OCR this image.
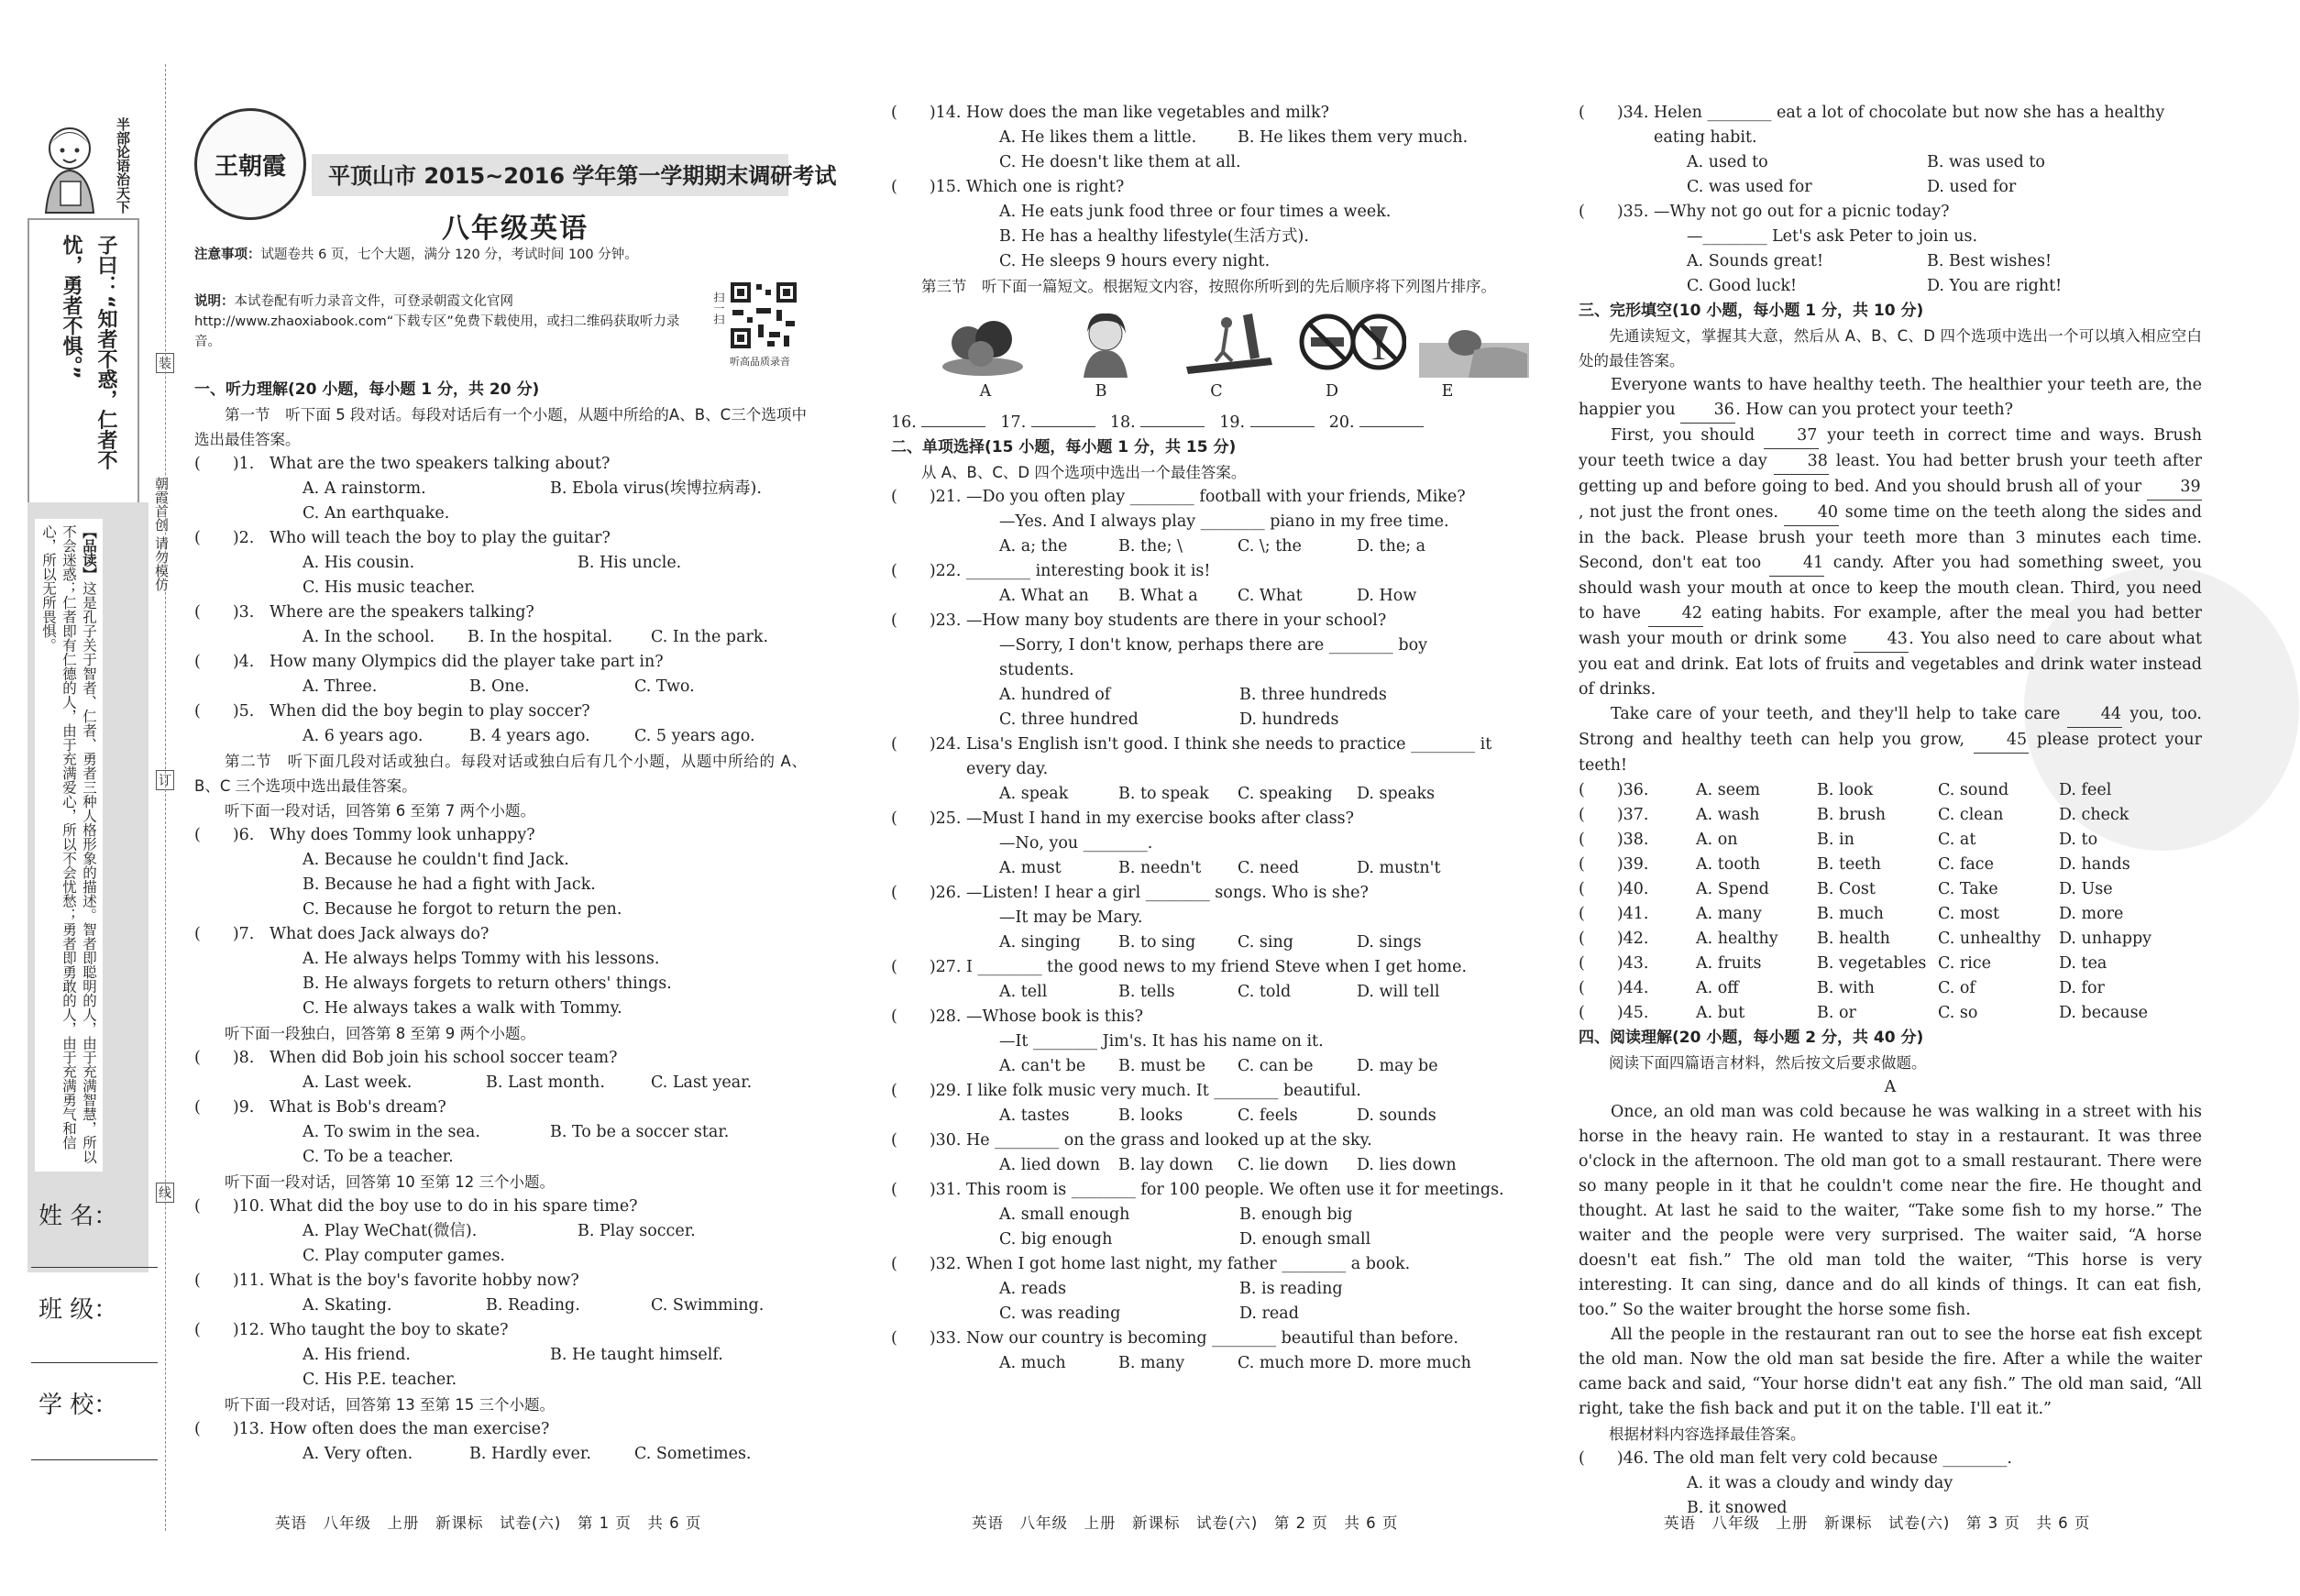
半部论语治天下
子曰：“知者不惑，仁者不忧，勇者不惧。”
【品读】这是孔子关于智者、仁者、勇者三种人格形象的描述。智者即聪明的人，由于充满智慧，所以不会迷惑；仁者即有仁德的人，由于充满爱心，所以不会忧愁；勇者即勇敢的人，由于充满勇气和信心，所以无所畏惧。	朝霞首创 请勿模仿
装
订
线
姓 名：
班 级：
学 校：
王朝霞 平顶山市 2015~2016 学年第一学期期末调研考试
八年级英语
注意事项：试题卷共 6 页，七个大题，满分 120 分，考试时间 100 分钟。
说明：本试卷配有听力录音文件，可登录朝霞文化官网 http://www.zhaoxiabook.com“下载专区”免费下载使用，或扫二维码获取听力录音。
扫一扫
听高品质录音
一、听力理解(20 小题，每小题 1 分，共 20 分)
第一节　听下面 5 段对话。每段对话后有一个小题，从题中所给的A、B、C三个选项中选出最佳答案。
(　　)1. What are the two speakers talking about?
A. A rainstorm.	B. Ebola virus(埃博拉病毒).
C. An earthquake.
(　　)2. Who will teach the boy to play the guitar?
A. His cousin.	B. His uncle.
C. His music teacher.
(　　)3. Where are the speakers talking?
A. In the school.	B. In the hospital.	C. In the park.
(　　)4. How many Olympics did the player take part in?
A. Three.	B. One.	C. Two.
(　　)5. When did the boy begin to play soccer?
A. 6 years ago.	B. 4 years ago.	C. 5 years ago.
第二节　听下面几段对话或独白。每段对话或独白后有几个小题，从题中所给的 A、B、C 三个选项中选出最佳答案。
听下面一段对话，回答第 6 至第 7 两个小题。
(　　)6. Why does Tommy look unhappy?
A. Because he couldn't find Jack.
B. Because he had a fight with Jack.
C. Because he forgot to return the pen.
(　　)7. What does Jack always do?
A. He always helps Tommy with his lessons.
B. He always forgets to return others' things.
C. He always takes a walk with Tommy.
听下面一段独白，回答第 8 至第 9 两个小题。
(　　)8. When did Bob join his school soccer team?
A. Last week.	B. Last month.	C. Last year.
(　　)9. What is Bob's dream?
A. To swim in the sea.	B. To be a soccer star.
C. To be a teacher.
听下面一段对话，回答第 10 至第 12 三个小题。
(　　)10. What did the boy use to do in his spare time?
A. Play WeChat(微信).	B. Play soccer.
C. Play computer games.
(　　)11. What is the boy's favorite hobby now?
A. Skating.	B. Reading.	C. Swimming.
(　　)12. Who taught the boy to skate?
A. His friend.	B. He taught himself.
C. His P.E. teacher.
听下面一段对话，回答第 13 至第 15 三个小题。
(　　)13. How often does the man exercise?
A. Very often.	B. Hardly ever.	C. Sometimes.
(　　)14. How does the man like vegetables and milk?
A. He likes them a little.	B. He likes them very much.
C. He doesn't like them at all.
(　　)15. Which one is right?
A. He eats junk food three or four times a week.
B. He has a healthy lifestyle(生活方式).
C. He sleeps 9 hours every night.
第三节　听下面一篇短文。根据短文内容，按照你所听到的先后顺序将下列图片排序。
A	B	C	D	E
16.	17.	18.	19.	20.
二、单项选择(15 小题，每小题 1 分，共 15 分)
从 A、B、C、D 四个选项中选出一个最佳答案。
(　　)21. —Do you often play ________ football with your friends, Mike?
—Yes. And I always play ________ piano in my free time.
A. a; the	B. the; \	C. \; the	D. the; a
(　　)22. ________ interesting book it is!
A. What an	B. What a	C. What	D. How
(　　)23. —How many boy students are there in your school?
—Sorry, I don't know, perhaps there are ________ boy students.
A. hundred of	B. three hundreds
C. three hundred	D. hundreds
(　　)24. Lisa's English isn't good. I think she needs to practice ________ it every day.
A. speak	B. to speak	C. speaking	D. speaks
(　　)25. —Must I hand in my exercise books after class?
—No, you ________.
A. must	B. needn't	C. need	D. mustn't
(　　)26. —Listen! I hear a girl ________ songs. Who is she?
—It may be Mary.
A. singing	B. to sing	C. sing	D. sings
(　　)27. I ________ the good news to my friend Steve when I get home.
A. tell	B. tells	C. told	D. will tell
(　　)28. —Whose book is this?
—It ________ Jim's. It has his name on it.
A. can't be	B. must be	C. can be	D. may be
(　　)29. I like folk music very much. It ________ beautiful.
A. tastes	B. looks	C. feels	D. sounds
(　　)30. He ________ on the grass and looked up at the sky.
A. lied down	B. lay down	C. lie down	D. lies down
(　　)31. This room is ________ for 100 people. We often use it for meetings.
A. small enough	B. enough big
C. big enough	D. enough small
(　　)32. When I got home last night, my father ________ a book.
A. reads	B. is reading
C. was reading	D. read
(　　)33. Now our country is becoming ________ beautiful than before.
A. much	B. many	C. much more D. more much
(　　)34. Helen ________ eat a lot of chocolate but now she has a healthy eating habit.
A. used to	B. was used to
C. was used for	D. used for
(　　)35. —Why not go out for a picnic today?
—________ Let's ask Peter to join us.
A. Sounds great!	B. Best wishes!
C. Good luck!	D. You are right!
三、完形填空(10 小题，每小题 1 分，共 10 分)
先通读短文，掌握其大意，然后从 A、B、C、D 四个选项中选出一个可以填入相应空白处的最佳答案。
Everyone wants to have healthy teeth. The healthier your teeth are, the happier you 36. How can you protect your teeth?
First, you should	37 your teeth in correct time and ways. Brush your teeth twice a day	38 least. You had better brush your teeth after getting up and before going to bed. And you should brush all of your 39, not just the front ones. 40 some time on the teeth along the sides and in the back. Please brush your teeth more than 3 minutes each time. Second, don't eat too	41 candy. After you had something sweet, you should wash your mouth at once to keep the mouth clean. Third, you need to have	42 eating habits. For example, after the meal you had better wash your mouth or drink some	43. You also need to care about what you eat and drink. Eat lots of fruits and vegetables and drink water instead of drinks.
Take care of your teeth, and they'll help to take care	44 you, too. Strong and healthy teeth can help you grow,	45 please protect your teeth!
(　　)36.	A. seem	B. look	C. sound	D. feel
(　　)37.	A. wash	B. brush	C. clean	D. check
(　　)38.	A. on	B. in	C. at	D. to
(　　)39.	A. tooth	B. teeth	C. face	D. hands
(　　)40.	A. Spend	B. Cost	C. Take	D. Use
(　　)41.	A. many	B. much	C. most	D. more
(　　)42.	A. healthy	B. health	C. unhealthy	D. unhappy
(　　)43.	A. fruits	B. vegetables C. rice	D. tea
(　　)44.	A. off	B. with	C. of	D. for
(　　)45.	A. but	B. or	C. so	D. because
四、阅读理解(20 小题，每小题 2 分，共 40 分)
阅读下面四篇语言材料，然后按文后要求做题。
A
Once, an old man was cold because he was walking in a street with his horse in the heavy rain. He wanted to stay in a restaurant. It was three o'clock in the afternoon. The old man got to a small restaurant. There were so many people in it that he couldn't come near the fire. He thought and thought. At last he said to the waiter, “Take some fish to my horse.” The waiter and the people were very surprised. The waiter said, “A horse doesn't eat fish.” The old man told the waiter, “This horse is very interesting. It can sing, dance and do all kinds of things. It can eat fish, too.” So the waiter brought the horse some fish.
All the people in the restaurant ran out to see the horse eat fish except the old man. Now the old man sat beside the fire. After a while the waiter came back and said, “Your horse didn't eat any fish.” The old man said, “All right, take the fish back and put it on the table. I'll eat it.”
根据材料内容选择最佳答案。
(　　)46. The old man felt very cold because ________.
A. it was a cloudy and windy day
B. it snowed
英语　八年级　上册　新课标　试卷(六)　第 1 页　共 6 页	英语　八年级　上册　新课标　试卷(六)　第 2 页　共 6 页	英语　八年级　上册　新课标　试卷(六)　第 3 页　共 6 页
